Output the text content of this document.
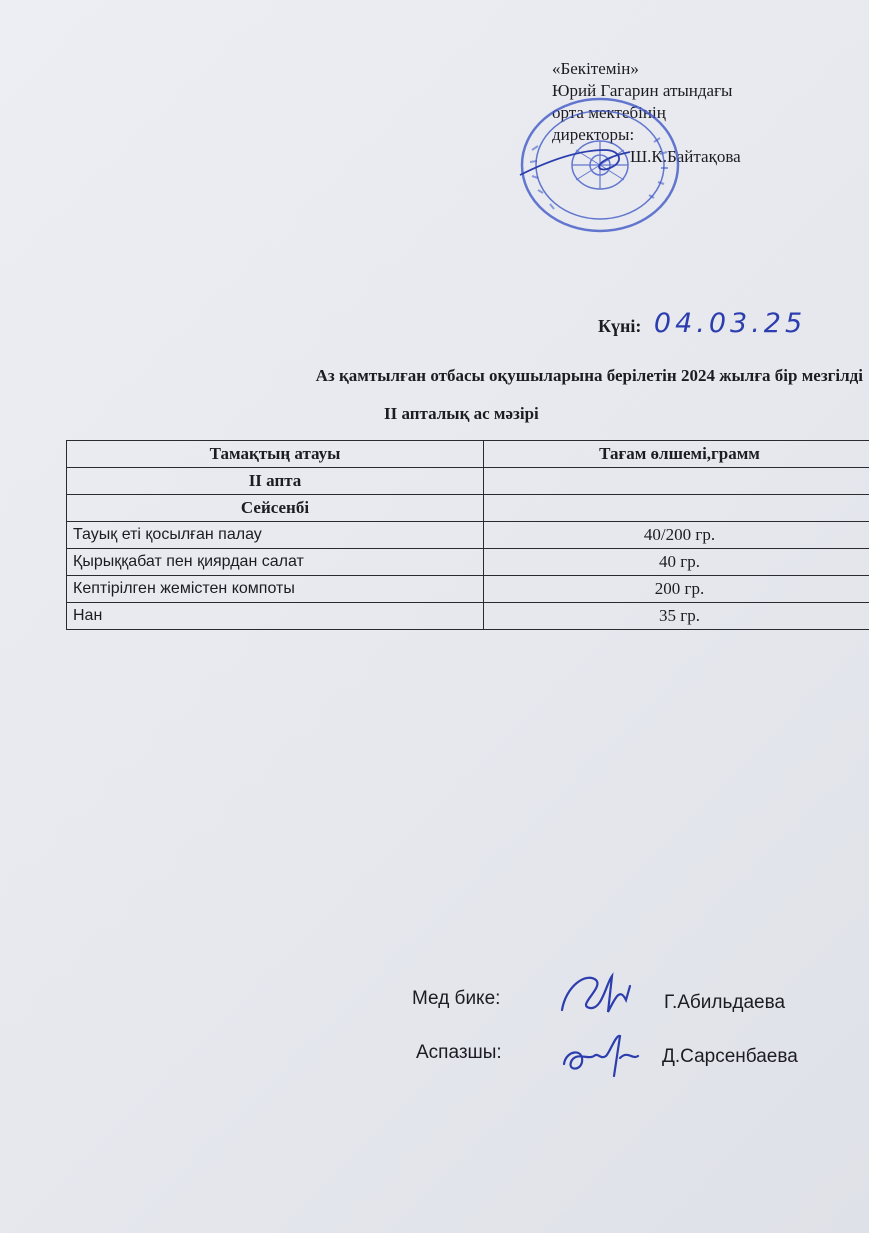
«Бекітемін»
Юрий Гагарин атындағы
орта мектебінің
директоры:
Ш.К.Байтақова
Күні: 04.03.25
Аз қамтылған отбасы оқушыларына берілетін 2024 жылға бір мезгілді
II апталық ас мәзірі
Тамақтың атауы	Тағам өлшемі,грамм
II апта	
Сейсенбі	
Тауық еті қосылған палау	40/200 гр.
Қырыққабат пен қиярдан салат	40 гр.
Кептірілген жемістен компоты	200 гр.
Нан	35 гр.
Мед бике:	Г.Абильдаева
Аспазшы:	Д.Сарсенбаева
